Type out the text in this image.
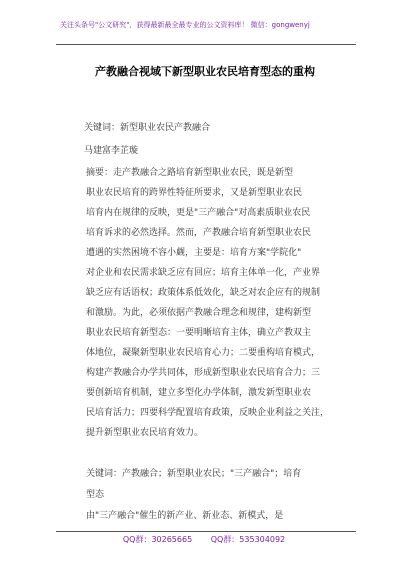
关注头条号"公文研究"，获得最新最全最专业的公文资料库！ 微信：gongwenyj
产教融合视域下新型职业农民培育型态的重构
关键词：新型职业农民产教融合
马建富李芷璇
摘要：走产教融合之路培育新型职业农民，既是新型
职业农民培育的跨界性特征所要求，又是新型职业农民
培育内在规律的反映，更是"三产融合"对高素质职业农民
培育诉求的必然选择。然而，产教融合培育新型职业农民
遭遇的实然困境不容小觑，主要是：培育方案"学院化"
对企业和农民需求缺乏应有回应；培育主体单一化，产业界
缺乏应有话语权；政策体系低效化，缺乏对农企应有的规制
和激励。为此，必须依据产教融合理念和规律，建构新型
职业农民培育新型态：一要明晰培育主体，确立产教双主
体地位，凝聚新型职业农民培育心力；二要重构培育模式，
构建产教融合办学共同体，形成新型职业农民培育合力；三
要创新培育机制，建立多型化办学体制，激发新型职业农
民培育活力；四要科学配置培育政策，反映企业利益之关注，
提升新型职业农民培育效力。
关键词：产教融合；新型职业农民；"三产融合"；培育
型态
由"三产融合"催生的新产业、新业态、新模式，是
QQ群：30265665 QQ群：535304092
